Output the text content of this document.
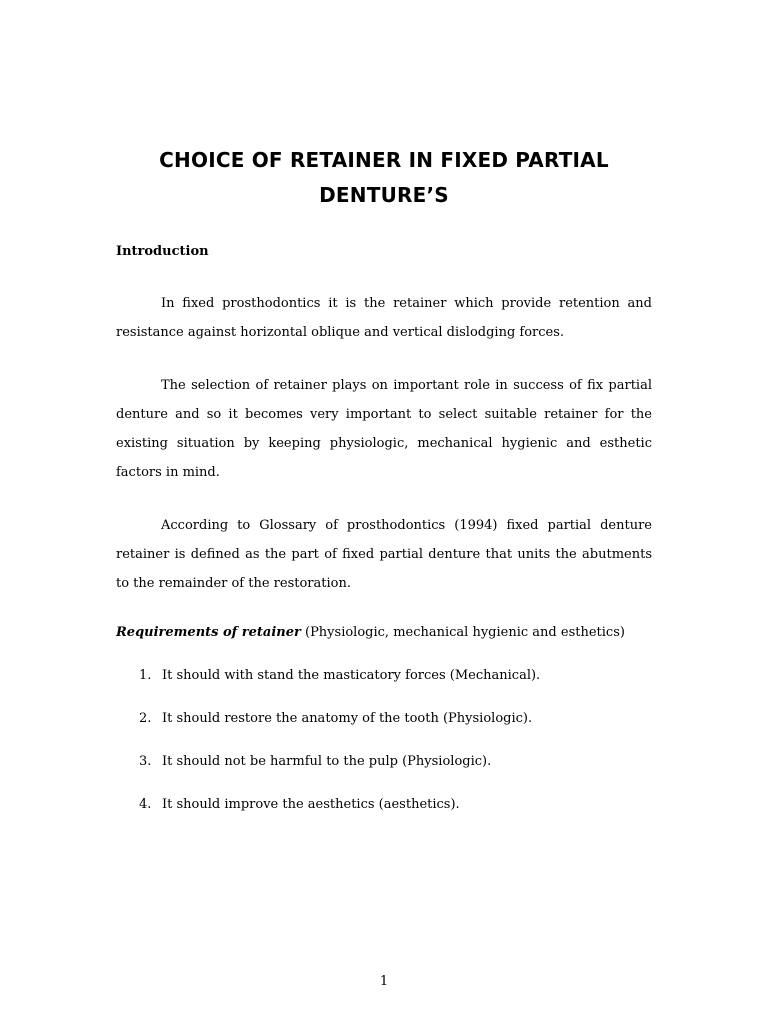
CHOICE OF RETAINER IN FIXED PARTIAL
DENTURE’S
Introduction

In fixed prosthodontics it is the retainer which provide retention and resistance against horizontal oblique and vertical dislodging forces.

The selection of retainer plays on important role in success of fix partial denture and so it becomes very important to select suitable retainer for the existing situation by keeping physiologic, mechanical hygienic and esthetic factors in mind.

According to Glossary of prosthodontics (1994) fixed partial denture retainer is defined as the part of fixed partial denture that units the abutments to the remainder of the restoration.

Requirements of retainer (Physiologic, mechanical hygienic and esthetics)
1. It should with stand the masticatory forces (Mechanical).
2. It should restore the anatomy of the tooth (Physiologic).
3. It should not be harmful to the pulp (Physiologic).
4. It should improve the aesthetics (aesthetics).
1
